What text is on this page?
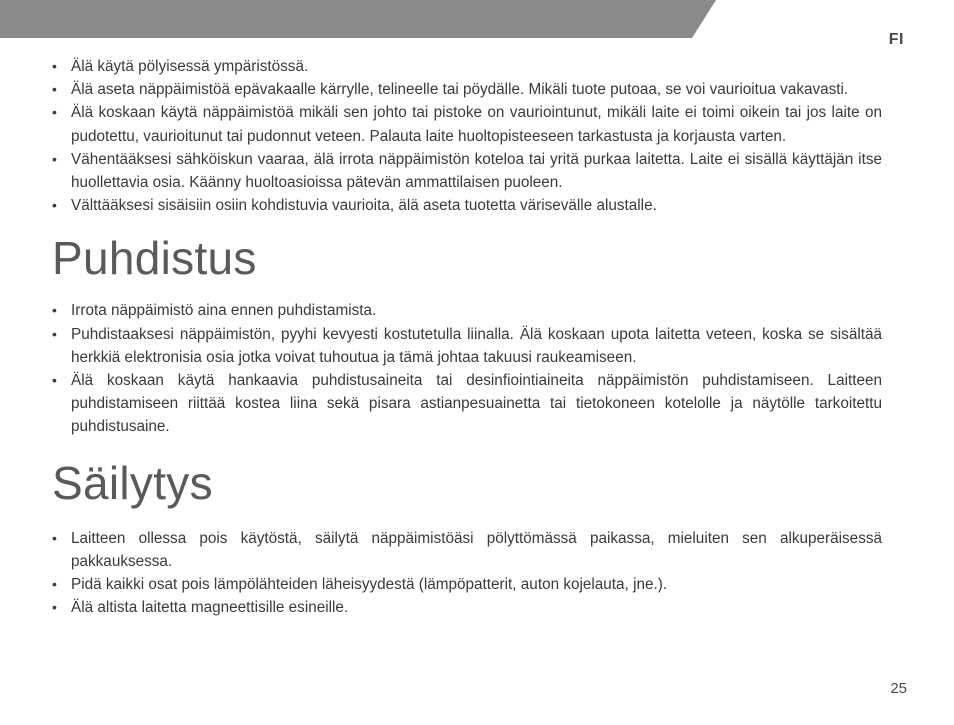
FI
• Älä käytä pölyisessä ympäristössä.
• Älä aseta näppäimistöä epävakaalle kärrylle, telineelle tai pöydälle. Mikäli tuote putoaa, se voi vaurioitua vakavasti.
• Älä koskaan käytä näppäimistöä mikäli sen johto tai pistoke on vauriointunut, mikäli laite ei toimi oikein tai jos laite on pudotettu, vaurioitunut tai pudonnut veteen. Palauta laite huoltopisteeseen tarkastusta ja korjausta varten.
• Vähentääksesi sähköiskun vaaraa, älä irrota näppäimistön koteloa tai yritä purkaa laitetta. Laite ei sisällä käyttäjän itse huollettavia osia. Käänny huoltoasioissa pätevän ammattilaisen puoleen.
• Välttääksesi sisäisiin osiin kohdistuvia vaurioita, älä aseta tuotetta värisevälle alustalle.
Puhdistus
• Irrota näppäimistö aina ennen puhdistamista.
• Puhdistaaksesi näppäimistön, pyyhi kevyesti kostutetulla liinalla. Älä koskaan upota laitetta veteen, koska se sisältää herkkiä elektronisia osia jotka voivat tuhoutua ja tämä johtaa takuusi raukeamiseen.
• Älä koskaan käytä hankaavia puhdistusaineita tai desinfiointiaineita näppäimistön puhdistamiseen. Laitteen puhdistamiseen riittää kostea liina sekä pisara astianpesuainetta tai tietokoneen kotelolle ja näytölle tarkoitettu puhdistusaine.
Säilytys
• Laitteen ollessa pois käytöstä, säilytä näppäimistöäsi pölyttömässä paikassa, mieluiten sen alkuperäisessä pakkauksessa.
• Pidä kaikki osat pois lämpölähteiden läheisyydestä (lämpöpatterit, auton kojelauta, jne.).
• Älä altista laitetta magneettisille esineille.
25
